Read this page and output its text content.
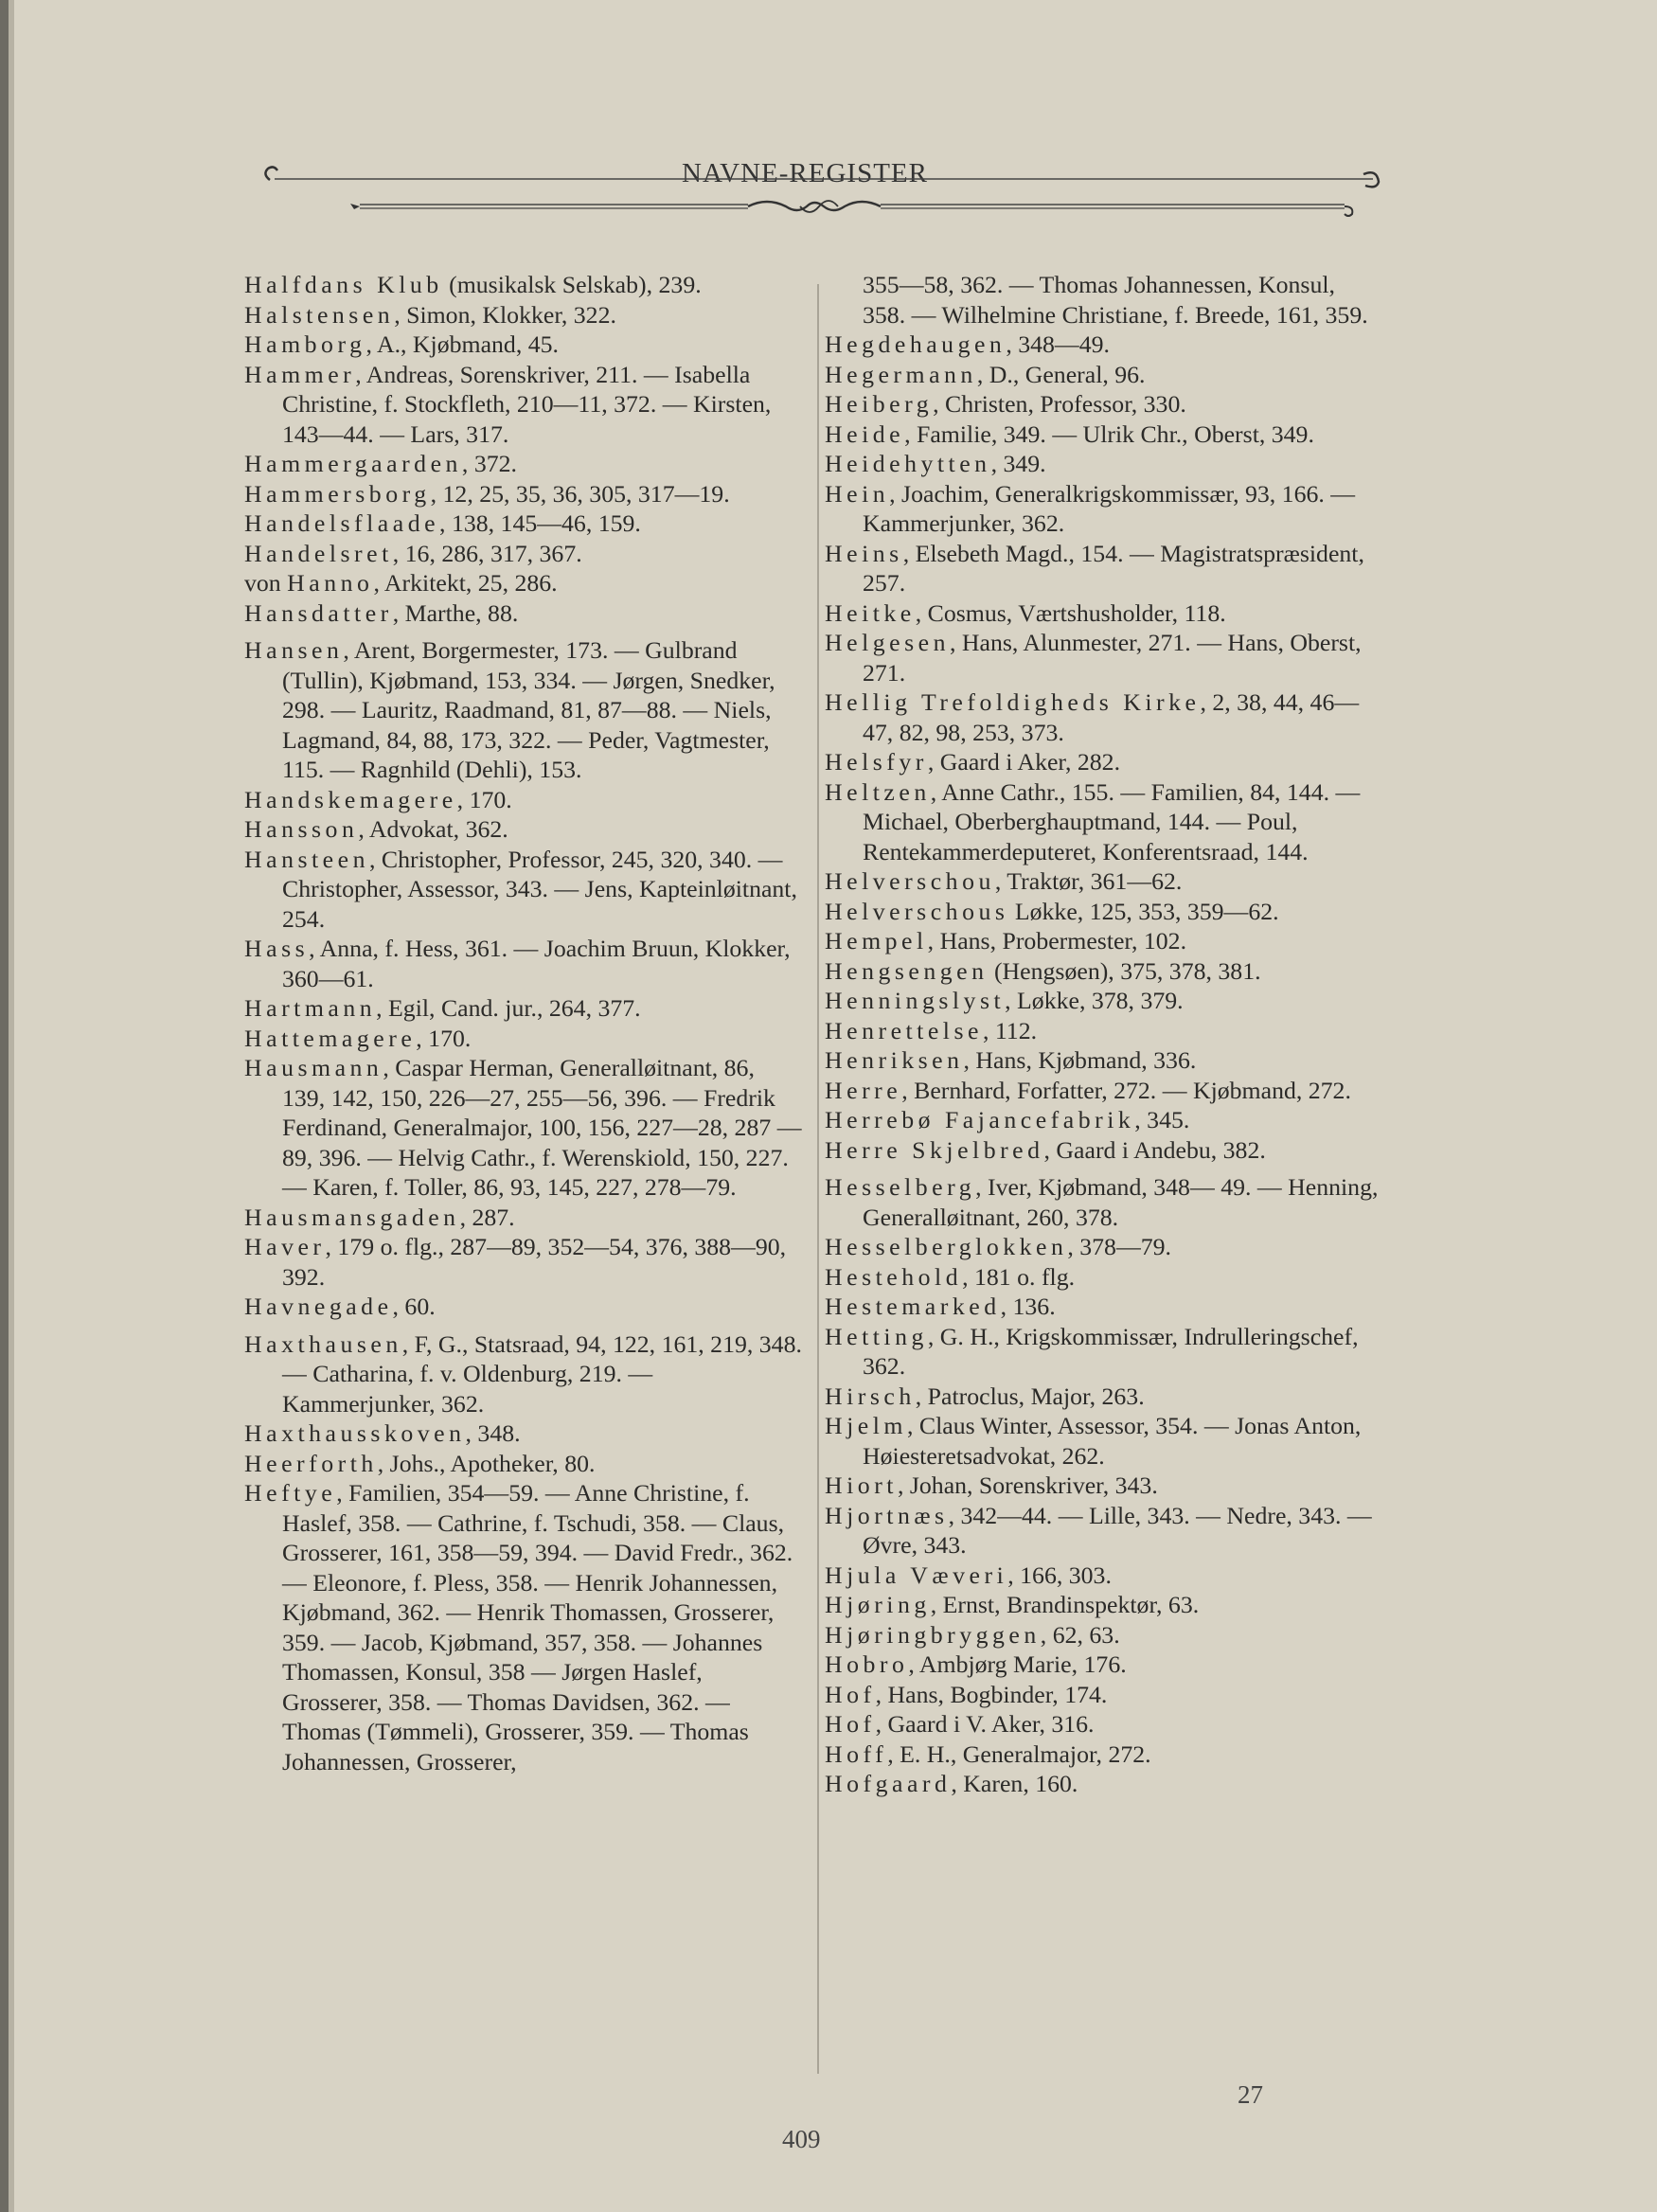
NAVNE-REGISTER

Halfdans Klub (musikalsk Selskab), 239.

Halstensen, Simon, Klokker, 322.

Hamborg, A., Kjøbmand, 45.

Hammer, Andreas, Sorenskriver, 211. — Isabella Christine, f. Stockfleth, 210—11, 372. — Kirsten, 143—44. — Lars, 317.

Hammergaarden, 372.

Hammersborg, 12, 25, 35, 36, 305, 317—19.

Handelsflaade, 138, 145—46, 159.

Handelsret, 16, 286, 317, 367.

von Hanno, Arkitekt, 25, 286.

Hansdatter, Marthe, 88.

Hansen, Arent, Borgermester, 173. — Gulbrand (Tullin), Kjøbmand, 153, 334. — Jørgen, Snedker, 298. — Lauritz, Raadmand, 81, 87—88. — Niels, Lagmand, 84, 88, 173, 322. — Peder, Vagtmester, 115. — Ragnhild (Dehli), 153.

Handskemagere, 170.

Hansson, Advokat, 362.

Hansteen, Christopher, Professor, 245, 320, 340. — Christopher, Assessor, 343. — Jens, Kapteinløitnant, 254.

Hass, Anna, f. Hess, 361. — Joachim Bruun, Klokker, 360—61.

Hartmann, Egil, Cand. jur., 264, 377.

Hattemagere, 170.

Hausmann, Caspar Herman, Generalløitnant, 86, 139, 142, 150, 226—27, 255—56, 396. — Fredrik Ferdinand, Generalmajor, 100, 156, 227—28, 287 —89, 396. — Helvig Cathr., f. Werenskiold, 150, 227. — Karen, f. Toller, 86, 93, 145, 227, 278—79.

Hausmansgaden, 287.

Haver, 179 o. flg., 287—89, 352—54, 376, 388—90, 392.

Havnegade, 60.

Haxthausen, F, G., Statsraad, 94, 122, 161, 219, 348. — Catharina, f. v. Oldenburg, 219. — Kammerjunker, 362.

Haxthausskoven, 348.

Heerforth, Johs., Apotheker, 80.

Heftye, Familien, 354—59. — Anne Christine, f. Haslef, 358. — Cathrine, f. Tschudi, 358. — Claus, Grosserer, 161, 358—59, 394. — David Fredr., 362. — Eleonore, f. Pless, 358. — Henrik Johannessen, Kjøbmand, 362. — Henrik Thomassen, Grosserer, 359. — Jacob, Kjøbmand, 357, 358. — Johannes Thomassen, Konsul, 358 — Jørgen Haslef, Grosserer, 358. — Thomas Davidsen, 362. — Thomas (Tømmeli), Grosserer, 359. — Thomas Johannessen, Grosserer,

355—58, 362. — Thomas Johannessen, Konsul, 358. — Wilhelmine Christiane, f. Breede, 161, 359.

Hegdehaugen, 348—49.

Hegermann, D., General, 96.

Heiberg, Christen, Professor, 330.

Heide, Familie, 349. — Ulrik Chr., Oberst, 349.

Heidehytten, 349.

Hein, Joachim, Generalkrigskommissær, 93, 166. — Kammerjunker, 362.

Heins, Elsebeth Magd., 154. — Magistratspræsident, 257.

Heitke, Cosmus, Værtshusholder, 118.

Helgesen, Hans, Alunmester, 271. — Hans, Oberst, 271.

Hellig Trefoldigheds Kirke, 2, 38, 44, 46—47, 82, 98, 253, 373.

Helsfyr, Gaard i Aker, 282.

Heltzen, Anne Cathr., 155. — Familien, 84, 144. — Michael, Oberberghauptmand, 144. — Poul, Rentekammerdeputeret, Konferentsraad, 144.

Helverschou, Traktør, 361—62.

Helverschous Løkke, 125, 353, 359—62.

Hempel, Hans, Probermester, 102.

Hengsengen (Hengsøen), 375, 378, 381.

Henningslyst, Løkke, 378, 379.

Henrettelse, 112.

Henriksen, Hans, Kjøbmand, 336.

Herre, Bernhard, Forfatter, 272. — Kjøbmand, 272.

Herrebø Fajancefabrik, 345.

Herre Skjelbred, Gaard i Andebu, 382.

Hesselberg, Iver, Kjøbmand, 348— 49. — Henning, Generalløitnant, 260, 378.

Hesselberglokken, 378—79.

Hestehold, 181 o. flg.

Hestemarked, 136.

Hetting, G. H., Krigskommissær, Indrulleringschef, 362.

Hirsch, Patroclus, Major, 263.

Hjelm, Claus Winter, Assessor, 354. — Jonas Anton, Høiesteretsadvokat, 262.

Hiort, Johan, Sorenskriver, 343.

Hjortnæs, 342—44. — Lille, 343. — Nedre, 343. — Øvre, 343.

Hjula Væveri, 166, 303.

Hjøring, Ernst, Brandinspektør, 63.

Hjøringbryggen, 62, 63.

Hobro, Ambjørg Marie, 176.

Hof, Hans, Bogbinder, 174.

Hof, Gaard i V. Aker, 316.

Hoff, E. H., Generalmajor, 272.

Hofgaard, Karen, 160.

27
409
